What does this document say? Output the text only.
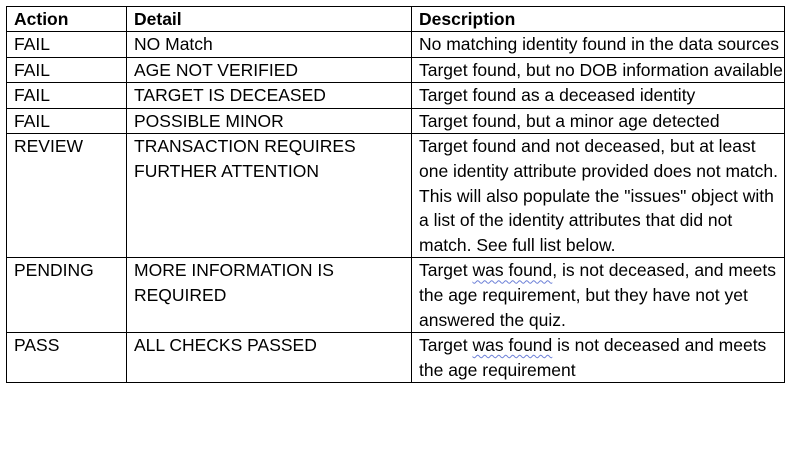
Action	Detail	Description
FAIL	NO Match	No matching identity found in the data sources
FAIL	AGE NOT VERIFIED	Target found, but no DOB information available
FAIL	TARGET IS DECEASED	Target found as a deceased identity
FAIL	POSSIBLE MINOR	Target found, but a minor age detected
REVIEW	TRANSACTION REQUIRES FURTHER ATTENTION	Target found and not deceased, but at least one identity attribute provided does not match. This will also populate the "issues" object with a list of the identity attributes that did not match. See full list below.
PENDING	MORE INFORMATION IS REQUIRED	Target was found, is not deceased, and meets the age requirement, but they have not yet answered the quiz.
PASS	ALL CHECKS PASSED	Target was found is not deceased and meets the age requirement
